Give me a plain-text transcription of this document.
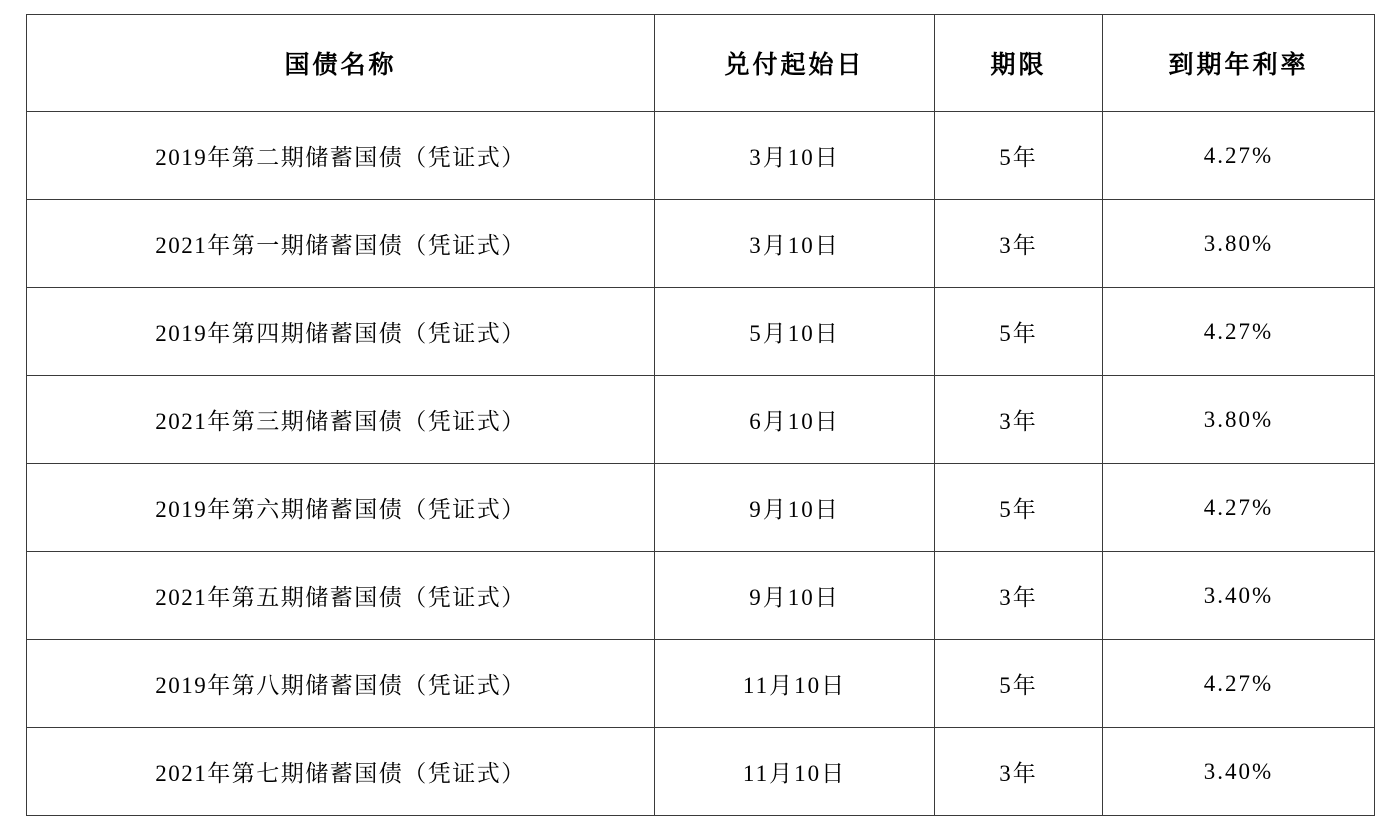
国债名称	兑付起始日	期限	到期年利率
2019年第二期储蓄国债（凭证式）	3月10日	5年	4.27%
2021年第一期储蓄国债（凭证式）	3月10日	3年	3.80%
2019年第四期储蓄国债（凭证式）	5月10日	5年	4.27%
2021年第三期储蓄国债（凭证式）	6月10日	3年	3.80%
2019年第六期储蓄国债（凭证式）	9月10日	5年	4.27%
2021年第五期储蓄国债（凭证式）	9月10日	3年	3.40%
2019年第八期储蓄国债（凭证式）	11月10日	5年	4.27%
2021年第七期储蓄国债（凭证式）	11月10日	3年	3.40%
